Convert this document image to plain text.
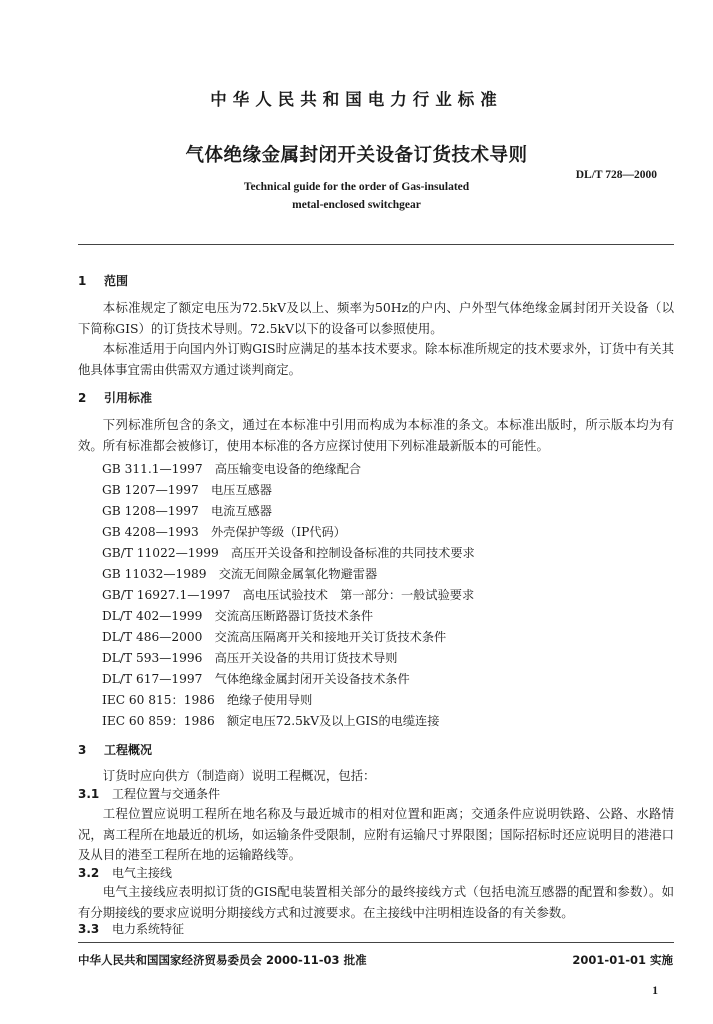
中华人民共和国电力行业标准
气体绝缘金属封闭开关设备订货技术导则
DL/T 728—2000
Technical guide for the order of Gas-insulated
metal-enclosed switchgear
1 范围

本标准规定了额定电压为72.5kV及以上、频率为50Hz的户内、户外型气体绝缘金属封闭开关设备（以下简称GIS）的订货技术导则。72.5kV以下的设备可以参照使用。

本标准适用于向国内外订购GIS时应满足的基本技术要求。除本标准所规定的技术要求外，订货中有关其他具体事宜需由供需双方通过谈判商定。

2 引用标准

下列标准所包含的条文，通过在本标准中引用而构成为本标准的条文。本标准出版时，所示版本均为有效。所有标准都会被修订，使用本标准的各方应探讨使用下列标准最新版本的可能性。

GB 311.1—1997　高压输变电设备的绝缘配合
GB 1207—1997　电压互感器
GB 1208—1997　电流互感器
GB 4208—1993　外壳保护等级（IP代码）
GB/T 11022—1999　高压开关设备和控制设备标准的共同技术要求
GB 11032—1989　交流无间隙金属氧化物避雷器
GB/T 16927.1—1997　高电压试验技术　第一部分：一般试验要求
DL/T 402—1999　交流高压断路器订货技术条件
DL/T 486—2000　交流高压隔离开关和接地开关订货技术条件
DL/T 593—1996　高压开关设备的共用订货技术导则
DL/T 617—1997　气体绝缘金属封闭开关设备技术条件
IEC 60 815：1986　绝缘子使用导则
IEC 60 859：1986　额定电压72.5kV及以上GIS的电缆连接
3 工程概况

订货时应向供方（制造商）说明工程概况，包括：

3.1 工程位置与交通条件

工程位置应说明工程所在地名称及与最近城市的相对位置和距离；交通条件应说明铁路、公路、水路情况，离工程所在地最近的机场，如运输条件受限制，应附有运输尺寸界限图；国际招标时还应说明目的港港口及从目的港至工程所在地的运输路线等。

3.2 电气主接线

电气主接线应表明拟订货的GIS配电装置相关部分的最终接线方式（包括电流互感器的配置和参数）。如有分期接线的要求应说明分期接线方式和过渡要求。在主接线中注明相连设备的有关参数。

3.3 电力系统特征
中华人民共和国国家经济贸易委员会 2000-11-03 批准	2001-01-01 实施
1
